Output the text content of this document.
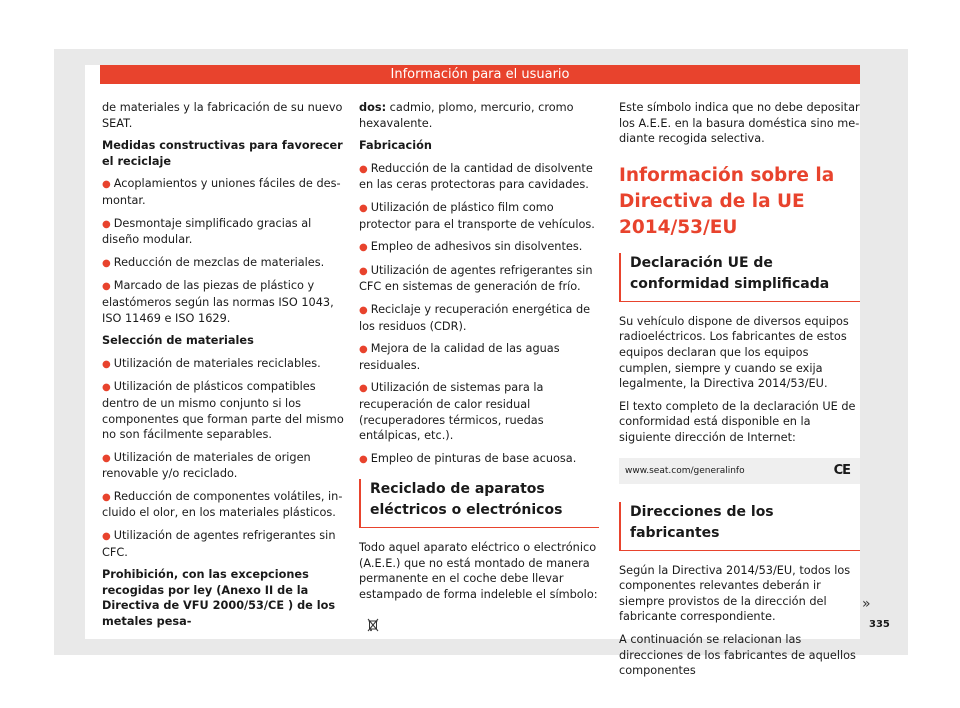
Información para el usuario

de materiales y la fabricación de su nuevo SEAT.

Medidas constructivas para favorecer el reciclaje

● Acoplamientos y uniones fáciles de desmontar.

● Desmontaje simplificado gracias al diseño modular.

● Reducción de mezclas de materiales.

● Marcado de las piezas de plástico y elastómeros según las normas ISO 1043, ISO 11469 e ISO 1629.

Selección de materiales

● Utilización de materiales reciclables.

● Utilización de plásticos compatibles dentro de un mismo conjunto si los componentes que forman parte del mismo no son fácilmente separables.

● Utilización de materiales de origen renovable y/o reciclado.

● Reducción de componentes volátiles, incluido el olor, en los materiales plásticos.

● Utilización de agentes refrigerantes sin CFC.

Prohibición, con las excepciones recogidas por ley (Anexo II de la Directiva de VFU 2000/53/CE ) de los metales pesa-

dos: cadmio, plomo, mercurio, cromo hexavalente.

Fabricación

● Reducción de la cantidad de disolvente en las ceras protectoras para cavidades.

● Utilización de plástico film como protector para el transporte de vehículos.

● Empleo de adhesivos sin disolventes.

● Utilización de agentes refrigerantes sin CFC en sistemas de generación de frío.

● Reciclaje y recuperación energética de los residuos (CDR).

● Mejora de la calidad de las aguas residuales.

● Utilización de sistemas para la recuperación de calor residual (recuperadores térmicos, ruedas entálpicas, etc.).

● Empleo de pinturas de base acuosa.

Reciclado de aparatos eléctricos o electrónicos

Todo aquel aparato eléctrico o electrónico (A.E.E.) que no está montado de manera permanente en el coche debe llevar estampado de forma indeleble el símbolo:

Este símbolo indica que no debe depositar los A.E.E. en la basura doméstica sino mediante recogida selectiva.

Información sobre la Directiva de la UE 2014/53/EU
Declaración UE de conformidad simplificada

Su vehículo dispone de diversos equipos radioeléctricos. Los fabricantes de estos equipos declaran que los equipos cumplen, siempre y cuando se exija legalmente, la Directiva 2014/53/EU.

El texto completo de la declaración UE de conformidad está disponible en la siguiente dirección de Internet:

www.seat.com/generalinfo	CE
Direcciones de los fabricantes

Según la Directiva 2014/53/EU, todos los componentes relevantes deberán ir siempre provistos de la dirección del fabricante correspondiente.

A continuación se relacionan las direcciones de los fabricantes de aquellos componentes

»
335
